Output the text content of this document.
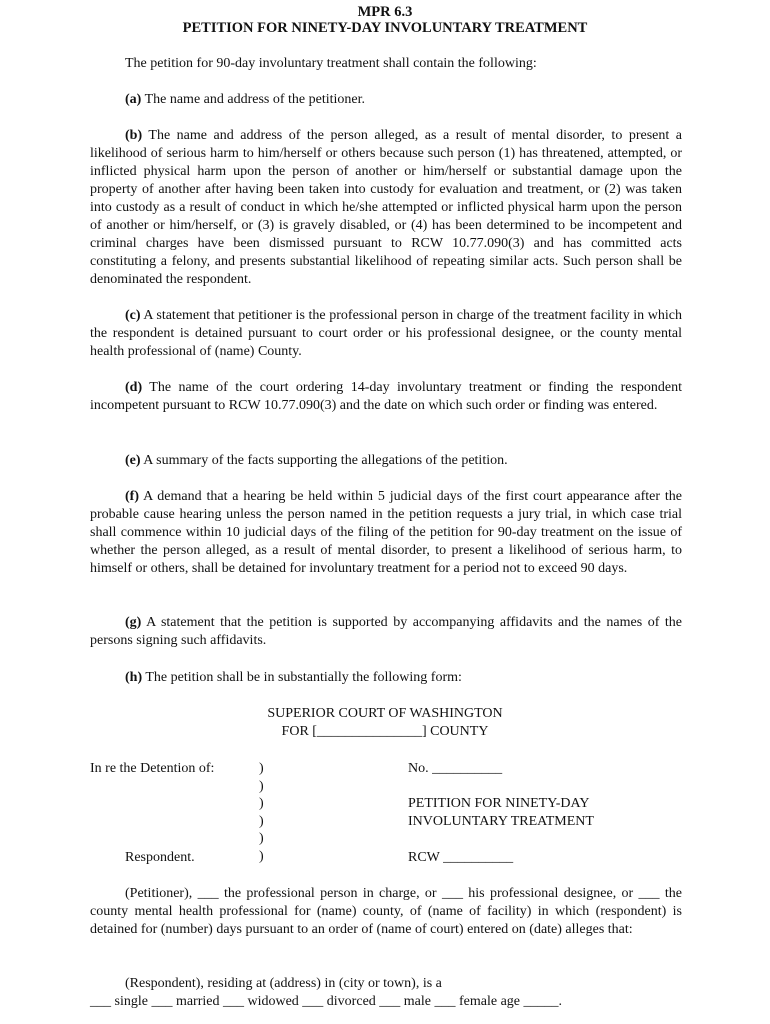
MPR 6.3
PETITION FOR NINETY-DAY INVOLUNTARY TREATMENT
The petition for 90-day involuntary treatment shall contain the following:
(a) The name and address of the petitioner.
(b) The name and address of the person alleged, as a result of mental disorder, to present a likelihood of serious harm to him/herself or others because such person (1) has threatened, attempted, or inflicted physical harm upon the person of another or him/herself or substantial damage upon the property of another after having been taken into custody for evaluation and treatment, or (2) was taken into custody as a result of conduct in which he/she attempted or inflicted physical harm upon the person of another or him/herself, or (3) is gravely disabled, or (4) has been determined to be incompetent and criminal charges have been dismissed pursuant to RCW 10.77.090(3) and has committed acts constituting a felony, and presents substantial likelihood of repeating similar acts. Such person shall be denominated the respondent.
(c) A statement that petitioner is the professional person in charge of the treatment facility in which the respondent is detained pursuant to court order or his professional designee, or the county mental health professional of (name) County.
(d) The name of the court ordering 14-day involuntary treatment or finding the respondent incompetent pursuant to RCW 10.77.090(3) and the date on which such order or finding was entered.
(e) A summary of the facts supporting the allegations of the petition.
(f) A demand that a hearing be held within 5 judicial days of the first court appearance after the probable cause hearing unless the person named in the petition requests a jury trial, in which case trial shall commence within 10 judicial days of the filing of the petition for 90-day treatment on the issue of whether the person alleged, as a result of mental disorder, to present a likelihood of serious harm, to himself or others, shall be detained for involuntary treatment for a period not to exceed 90 days.
(g) A statement that the petition is supported by accompanying affidavits and the names of the persons signing such affidavits.
(h) The petition shall be in substantially the following form:
SUPERIOR COURT OF WASHINGTON
FOR [_______________] COUNTY
In re the Detention of:	)
)
)
)
)
)
No. __________
PETITION FOR NINETY-DAY
INVOLUNTARY TREATMENT
Respondent.	RCW __________
(Petitioner), ___ the professional person in charge, or ___ his professional designee, or ___ the county mental health professional for (name) county, of (name of facility) in which (respondent) is detained for (number) days pursuant to an order of (name of court) entered on (date) alleges that:
(Respondent), residing at (address) in (city or town), is a
___ single ___ married ___ widowed ___ divorced ___ male ___ female age _____.
